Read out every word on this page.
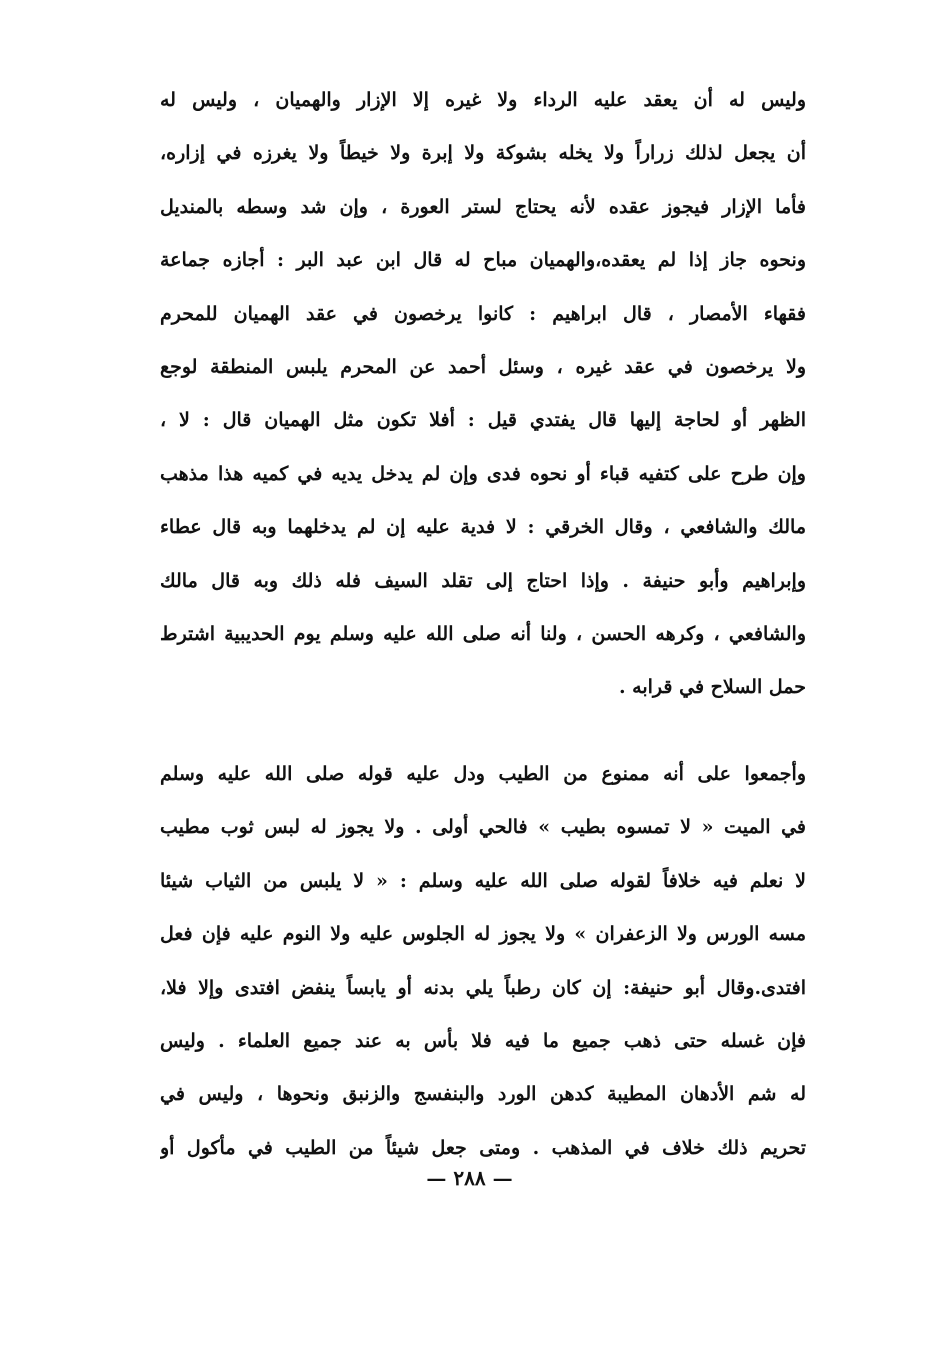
وليس له أن يعقد عليه الرداء ولا غيره إلا الإزار والهميان ، وليس له
أن يجعل لذلك زراراً ولا يخله بشوكة ولا إبرة ولا خيطاً ولا يغرزه في إزاره،
فأما الإزار فيجوز عقده لأنه يحتاج لستر العورة ، وإن شد وسطه بالمنديل
ونحوه جاز إذا لم يعقده،والهميان مباح له قال ابن عبد البر : أجازه جماعة
فقهاء الأمصار ، قال ابراهيم : كانوا يرخصون في عقد الهميان للمحرم
ولا يرخصون في عقد غيره ، وسئل أحمد عن المحرم يلبس المنطقة لوجع
الظهر أو لحاجة إليها قال يفتدي قيل : أفلا تكون مثل الهميان قال : لا ،
وإن طرح على كتفيه قباء أو نحوه فدى وإن لم يدخل يديه في كميه هذا مذهب
مالك والشافعي ، وقال الخرقي : لا فدية عليه إن لم يدخلهما وبه قال عطاء
وإبراهيم وأبو حنيفة . وإذا احتاج إلى تقلد السيف فله ذلك وبه قال مالك
والشافعي ، وكرهه الحسن ، ولنا أنه صلى الله عليه وسلم يوم الحديبية اشترط
حمل السلاح في قرابه .
وأجمعوا على أنه ممنوع من الطيب ودل عليه قوله صلى الله عليه وسلم
في الميت « لا تمسوه بطيب » فالحي أولى . ولا يجوز له لبس ثوب مطيب
لا نعلم فيه خلافاً لقوله صلى الله عليه وسلم : « لا يلبس من الثياب شيئا
مسه الورس ولا الزعفران » ولا يجوز له الجلوس عليه ولا النوم عليه فإن فعل
افتدى.وقال أبو حنيفة: إن كان رطباً يلي بدنه أو يابساً ينفض افتدى وإلا فلا،
فإن غسله حتى ذهب جميع ما فيه فلا بأس به عند جميع العلماء . وليس
له شم الأدهان المطيبة كدهن الورد والبنفسج والزنبق ونحوها ، وليس في
تحريم ذلك خلاف في المذهب . ومتى جعل شيئاً من الطيب في مأكول أو
— ٢٨٨ —
